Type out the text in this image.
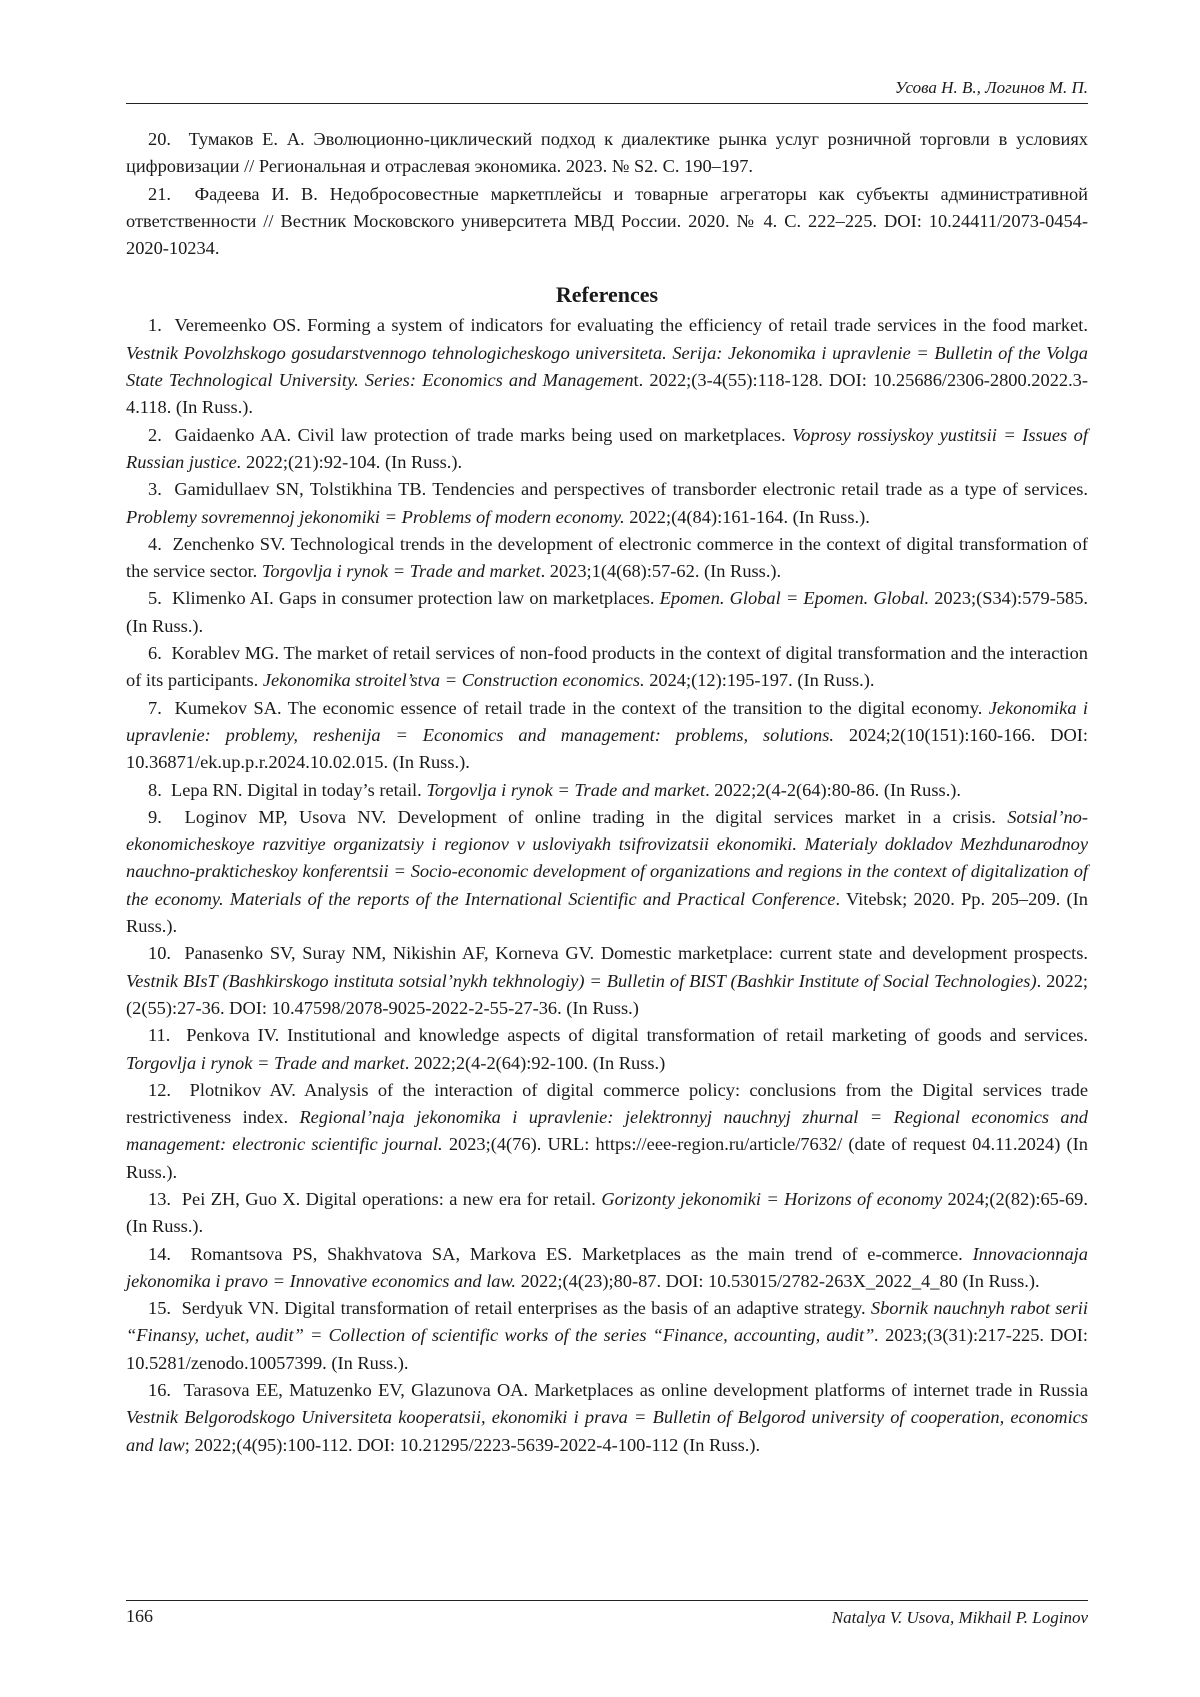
Усова Н. В., Логинов М. П.

20. Тумаков Е. А. Эволюционно-циклический подход к диалектике рынка услуг розничной торговли в условиях цифровизации // Региональная и отраслевая экономика. 2023. № S2. С. 190–197.

21. Фадеева И. В. Недобросовестные маркетплейсы и товарные агрегаторы как субъекты административной ответственности // Вестник Московского университета МВД России. 2020. № 4. С. 222–225. DOI: 10.24411/2073-0454-2020-10234.

References

1. Veremeenko OS. Forming a system of indicators for evaluating the efficiency of retail trade services in the food market. Vestnik Povolzhskogo gosudarstvennogo tehnologicheskogo universiteta. Serija: Jekonomika i upravlenie = Bulletin of the Volga State Technological University. Series: Economics and Management. 2022;(3-4(55):118-128. DOI: 10.25686/2306-2800.2022.3-4.118. (In Russ.).

2. Gaidaenko AA. Civil law protection of trade marks being used on marketplaces. Voprosy rossiyskoy yustitsii = Issues of Russian justice. 2022;(21):92-104. (In Russ.).

3. Gamidullaev SN, Tolstikhina TB. Tendencies and perspectives of transborder electronic retail trade as a type of services. Problemy sovremennoj jekonomiki = Problems of modern economy. 2022;(4(84):161-164. (In Russ.).

4. Zenchenko SV. Technological trends in the development of electronic commerce in the context of digital transformation of the service sector. Torgovlja i rynok = Trade and market. 2023;1(4(68):57-62. (In Russ.).

5. Klimenko AI. Gaps in consumer protection law on marketplaces. Epomen. Global = Epomen. Global. 2023;(S34):579-585. (In Russ.).

6. Korablev MG. The market of retail services of non-food products in the context of digital transformation and the interaction of its participants. Jekonomika stroitel’stva = Construction economics. 2024;(12):195-197. (In Russ.).

7. Kumekov SA. The economic essence of retail trade in the context of the transition to the digital economy. Jekonomika i upravlenie: problemy, reshenija = Economics and management: problems, solutions. 2024;2(10(151):160-166. DOI: 10.36871/ek.up.p.r.2024.10.02.015. (In Russ.).

8. Lepa RN. Digital in today’s retail. Torgovlja i rynok = Trade and market. 2022;2(4-2(64):80-86. (In Russ.).

9. Loginov MP, Usova NV. Development of online trading in the digital services market in a crisis. Sotsial’no-ekonomicheskoye razvitiye organizatsiy i regionov v usloviyakh tsifrovizatsii ekonomiki. Materialy dokladov Mezhdunarodnoy nauchno-prakticheskoy konferentsii = Socio-economic development of organizations and regions in the context of digitalization of the economy. Materials of the reports of the International Scientific and Practical Conference. Vitebsk; 2020. Pp. 205–209. (In Russ.).

10. Panasenko SV, Suray NM, Nikishin AF, Korneva GV. Domestic marketplace: current state and development prospects. Vestnik BIsT (Bashkirskogo instituta sotsial’nykh tekhnologiy) = Bulletin of BIST (Bashkir Institute of Social Technologies). 2022;(2(55):27-36. DOI: 10.47598/2078-9025-2022-2-55-27-36. (In Russ.)

11. Penkova IV. Institutional and knowledge aspects of digital transformation of retail marketing of goods and services. Torgovlja i rynok = Trade and market. 2022;2(4-2(64):92-100. (In Russ.)

12. Plotnikov AV. Analysis of the interaction of digital commerce policy: conclusions from the Digital services trade restrictiveness index. Regional’naja jekonomika i upravlenie: jelektronnyj nauchnyj zhurnal = Regional economics and management: electronic scientific journal. 2023;(4(76). URL: https://eee-region.ru/article/7632/ (date of request 04.11.2024) (In Russ.).

13. Pei ZH, Guo X. Digital operations: a new era for retail. Gorizonty jekonomiki = Horizons of economy 2024;(2(82):65-69. (In Russ.).

14. Romantsova PS, Shakhvatova SA, Markova ES. Marketplaces as the main trend of e-commerce. Innovacionnaja jekonomika i pravo = Innovative economics and law. 2022;(4(23);80-87. DOI: 10.53015/2782-263X_2022_4_80 (In Russ.).

15. Serdyuk VN. Digital transformation of retail enterprises as the basis of an adaptive strategy. Sbornik nauchnyh rabot serii “Finansy, uchet, audit” = Collection of scientific works of the series “Finance, accounting, audit”. 2023;(3(31):217-225. DOI: 10.5281/zenodo.10057399. (In Russ.).

16. Tarasova EE, Matuzenko EV, Glazunova OA. Marketplaces as online development platforms of internet trade in Russia Vestnik Belgorodskogo Universiteta kooperatsii, ekonomiki i prava = Bulletin of Belgorod university of cooperation, economics and law; 2022;(4(95):100-112. DOI: 10.21295/2223-5639-2022-4-100-112 (In Russ.).

166	Natalya V. Usova, Mikhail P. Loginov
